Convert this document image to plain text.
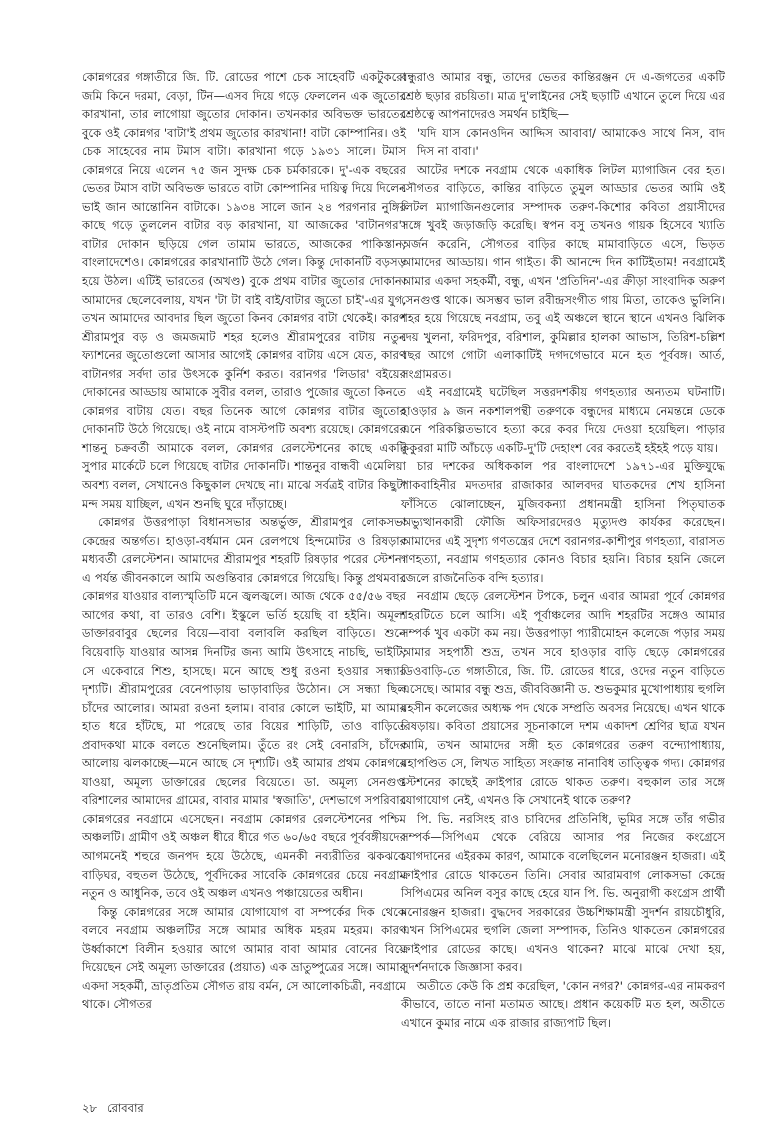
কোন্নগরের গঙ্গাতীরে জি. টি. রোডের পাশে চেক সাহেবটি একটুকরো জমি কিনে দরমা, বেড়া, টিন—এসব দিয়ে গড়ে ফেললেন এক জুতোর কারখানা, তার লাগোয়া জুতোর দোকান। তখনকার অবিভক্ত ভারতের বুকে ওই কোন্নগর 'বাটা'ই প্রথম জুতোর কারখানা! বাটা কোম্পানির। ওই চেক সাহেবের নাম টমাস বাটা। কারখানা গড়ে ১৯৩১ সালে। টমাস কোন্নগরে নিয়ে এলেন ৭৫ জন সুদক্ষ চেক চর্মকারকে। দু'-এক বছরের ভেতর টমাস বাটা অবিভক্ত ভারতে বাটা কোম্পানির দায়িত্ব দিয়ে দিলেন ভাই জান আন্তোনিন বাটাকে। ১৯৩৪ সালে জান ২৪ পরগনার নুঙ্গির কাছে গড়ে তুললেন বাটার বড় কারখানা, যা আজকের 'বাটানগর'। বাটার দোকান ছড়িয়ে গেল তামাম ভারতে, আজকের পাকিস্তান, বাংলাদেশেও। কোন্নগরের কারখানাটি উঠে গেল। কিন্তু দোকানটি বড়সড় হয়ে উঠল। এটিই ভারতের (অখণ্ড) বুকে প্রথম বাটার জুতোর দোকান। আমাদের ছেলেবেলায়, যখন 'টা টা বাই বাই/বাটার জুতো চাই'-এর যুগ, তখন আমাদের আবদার ছিল জুতো কিনব কোন্নগর বাটা থেকেই। কারণ শ্রীরামপুর বড় ও জমজমাট শহর হলেও শ্রীরামপুরের বাটায় নতুন ফ্যাশনের জুতোগুলো আসার আগেই কোন্নগর বাটায় এসে যেত, কারণ বাটানগর সর্বদা তার উৎসকে কুর্নিশ করত। বরানগর 'লিডার' বইয়ের দোকানের আড্ডায় আমাকে সুবীর বলল, তারাও পুজোর জুতো কিনতে কোন্নগর বাটায় যেত। বছর তিনেক আগে কোন্নগর বাটার জুতোর দোকানটি উঠে গিয়েছে। ওই নামে বাসস্টপটি অবশ্য রয়েছে। কোন্নগরের শান্তনু চক্রবর্তী আমাকে বলল, কোন্নগর রেলস্টেশনের কাছে একটি সুপার মার্কেটে চলে গিয়েছে বাটার দোকানটি। শান্তনুর বান্ধবী এমেলিয়া অবশ্য বলল, সেখানেও কিছুকাল দেখছে না। মাঝে সর্বত্রই বাটার কিছুটা মন্দ সময় যাচ্ছিল, এখন শুনছি ঘুরে দাঁড়াচ্ছে।

কোন্নগর উত্তরপাড়া বিধানসভার অন্তর্ভুক্ত, শ্রীরামপুর লোকসভা কেন্দ্রের অন্তর্গত। হাওড়া-বর্ধমান মেন রেলপথে হিন্দমোটর ও রিষড়ার মধ্যবর্তী রেলস্টেশন। আমাদের শ্রীরামপুর শহরটি রিষড়ার পরের স্টেশন। এ পর্যন্ত জীবনকালে আমি অগুন্তিবার কোন্নগরে গিয়েছি। কিন্তু প্রথমবার কোন্নগর যাওয়ার বাল্যস্মৃতিটি মনে জ্বলজ্বলে। আজ থেকে ৫৫/৫৬ বছর আগের কথা, বা তারও বেশি। ইস্কুলে ভর্তি হয়েছি বা হইনি। অমূল্য ডাক্তারবাবুর ছেলের বিয়ে—বাবা বলাবলি করছিল বাড়িতে। শুনে বিয়েবাড়ি যাওয়ার আসন্ন দিনটির জন্য আমি উৎসাহে নাচছি, ভাইটি, সে একেবারে শিশু, হাসছে। মনে আছে শুধু রওনা হওয়ার সন্ধ্যার দৃশ্যটি। শ্রীরামপুরের বেনেপাড়ায় ভাড়াবাড়ির উঠোন। সে সন্ধ্যা ছিল চাঁদের আলোর। আমরা রওনা হলাম। বাবার কোলে ভাইটি, মা আমার হাত ধরে হাঁটছে, মা পরেছে তার বিয়ের শাড়িটি, তাও বাড়িতে প্রবাদকথা মাকে বলতে শুনেছিলাম। তুঁতে রং সেই বেনারসি, চাঁদের আলোয় ঝলকাচ্ছে—মনে আছে সে দৃশ্যটি। ওই আমার প্রথম কোন্নগরে যাওয়া, অমূল্য ডাক্তারের ছেলের বিয়েতে। ডা. অমূল্য সেনগুপ্ত বরিশালের আমাদের গ্রামের, বাবার মামার 'স্বজাতি', দেশভাগে সপরিবার কোন্নগরের নবগ্রামে এসেছেন। নবগ্রাম কোন্নগর রেলস্টেশনের পশ্চিম অঞ্চলটি। গ্রামীণ ওই অঞ্চল ধীরে ধীরে গত ৬০/৬৫ বছরে পূর্ববঙ্গীয়দের আগমনেই শহুরে জনপদ হয়ে উঠেছে, এমনকী নব্যরীতির ঝকঝকে বাড়িঘর, বহুতল উঠেছে, পূর্বদিকের সাবেকি কোন্নগরের চেয়ে নবগ্রাম নতুন ও আধুনিক, তবে ওই অঞ্চল এখনও পঞ্চায়েতের অধীন।

কিন্তু কোন্নগরের সঙ্গে আমার যোগাযোগ বা সম্পর্কের দিক থেকে বলবে নবগ্রাম অঞ্চলটির সঙ্গে আমার অধিক মহরম মহরম। কারণ উর্ধ্বাকাশে বিলীন হওয়ার আগে আমার বাবা আমার বোনের বিয়ে দিয়েছেন সেই অমূল্য ডাক্তারের (প্রয়াত) এক ভ্রাতুষ্পুত্রের সঙ্গে। আমার একদা সহকর্মী, ভ্রাতৃপ্রতিম সৌগত রায় বর্মন, সে আলোকচিত্রী, নবগ্রামে থাকে। সৌগতর

বন্ধুরাও আমার বন্ধু, তাদের ভেতর কান্তিরঞ্জন দে এ-জগতের একটি শ্রেষ্ঠ ছড়ার রচয়িতা। মাত্র দু'লাইনের সেই ছড়াটি এখানে তুলে দিয়ে এর শ্রেষ্ঠত্বে আপনাদেরও সমর্থন চাইছি—

'যদি যাস কোনওদিন আদ্দিস আবাবা/ আমাকেও সাথে নিস, বাদ দিস না বাবা।'

আটের দশকে নবগ্রাম থেকে একাধিক লিটল ম্যাগাজিন বের হত। সৌগতর বাড়িতে, কান্তির বাড়িতে তুমুল আড্ডার ভেতর আমি ওই লিটল ম্যাগাজিনগুলোর সম্পাদক তরুণ-কিশোর কবিতা প্রয়াসীদের সঙ্গে খুবই জড়াজড়ি করেছি। স্বপন বসু তখনও গায়ক হিসেবে খ্যাতি অর্জন করেনি, সৌগতর বাড়ির কাছে মামাবাড়িতে এসে, ভিড়ত আমাদের আড্ডায়। গান গাইত। কী আনন্দে দিন কাটিইতাম! নবগ্রামেই আমার একদা সহকর্মী, বন্ধু, এখন 'প্রতিদিন'-এর ক্রীড়া সাংবাদিক অরুণ সেনগুপ্ত থাকে। অসম্ভব ভাল রবীন্দ্রসংগীত গায় মিতা, তাকেও ভুলিনি। শহর হয়ে গিয়েছে নবগ্রাম, তবু এই অঞ্চলে স্থানে স্থানে এখনও ঝিলিক দেয় খুলনা, ফরিদপুর, বরিশাল, কুমিল্লার হালকা আভাস, তিরিশ-চল্লিশ বছর আগে গোটা এলাকাটিই দগদগেভাবে মনে হত পূর্ববঙ্গ। আর্ত, সংগ্রামরত।

এই নবগ্রামেই ঘটেছিল সত্তরদশকীয় গণহত্যার অন্যতম ঘটনাটি। হাওড়ার ৯ জন নকশালপন্থী তরুণকে বন্ধুদের মাধ্যমে নেমন্তন্নে ডেকে এনে পরিকল্পিতভাবে হত্যা করে কবর দিয়ে দেওয়া হয়েছিল। পাড়ার কুকুররা মাটি আঁচড়ে একটি-দু'টি দেহাংশ বের করতেই হইহই পড়ে যায়।

চার দশকের অধিককাল পর বাংলাদেশে ১৯৭১-এর মুক্তিযুদ্ধে পাকবাহিনীর মদতদার রাজাকার আলবদর ঘাতকদের শেখ হাসিনা ফাঁসিতে ঝোলাচ্ছেন, মুজিবকন্যা প্রধানমন্ত্রী হাসিনা পিতৃঘাতক অভ্যুত্থানকারী ফৌজি অফিসারদেরও মৃত্যুদণ্ড কার্যকর করেছেন। আমাদের এই সুদৃশ্য গণতন্ত্রের দেশে বরানগর-কাশীপুর গণহত্যা, বারাসত গণহত্যা, নবগ্রাম গণহত্যার কোনও বিচার হয়নি। বিচার হয়নি জেলে জেলে রাজনৈতিক বন্দি হত্যার।

নবগ্রাম ছেড়ে রেলস্টেশন টপকে, চলুন এবার আমরা পূর্বে কোন্নগর শহরটিতে চলে আসি। এই পূর্বাঞ্চলের আদি শহরটির সঙ্গেও আমার সম্পর্ক খুব একটা কম নয়। উত্তরপাড়া প্যারীমোহন কলেজে পড়ার সময় আমার সহপাঠী শুভ্র, তখন সবে হাওড়ার বাড়ি ছেড়ে কোন্নগরের ডিওবাড়ি-তে গঙ্গাতীরে, জি. টি. রোডের ধারে, ওদের নতুন বাড়িতে এসেছে। আমার বন্ধু শুভ্র, জীববিজ্ঞানী ড. শুভকুমার মুখোপাধ্যায় হুগলি মহসীন কলেজের অধ্যক্ষ পদ থেকে সম্প্রতি অবসর নিয়েছে। এখন থাকে রিষড়ায়। কবিতা প্রয়াসের সূচনাকালে দশম একাদশ শ্রেণির ছাত্র যখন আমি, তখন আমাদের সঙ্গী হত কোন্নগরের তরুণ বন্দ্যোপাধ্যায়, মহাপণ্ডিত সে, লিখত সাহিত্য সংক্রান্ত নানাবিধ তাত্ত্বিক গদ্য। কোন্নগর স্টেশনের কাছেই ক্রাইপার রোডে থাকত তরুণ। বহুকাল তার সঙ্গে যোগাযোগ নেই, এখনও কি সেখানেই থাকে তরুণ?

পি. ভি. নরসিংহ রাও চাবিদের প্রতিনিধি, ভূমির সঙ্গে তাঁর গভীর সম্পর্ক—সিপিএম থেকে বেরিয়ে আসার পর নিজের কংগ্রেসে যোগদানের এইরকম কারণ, আমাকে বলেছিলেন মনোরঞ্জন হাজরা। এই ক্রাইপার রোডে থাকতেন তিনি। সেবার আরামবাগ লোকসভা কেন্দ্রে সিপিএমের অনিল বসুর কাছে হেরে যান পি. ভি. অনুরাগী কংগ্রেস প্রার্থী মনোরঞ্জন হাজরা। বুদ্ধদেব সরকারের উচ্চশিক্ষামন্ত্রী সুদর্শন রায়চৌধুরি, এখন সিপিএমের হুগলি জেলা সম্পাদক, তিনিও থাকতেন কোন্নগরের ক্রাইপার রোডের কাছে। এখনও থাকেন? মাঝে মাঝে দেখা হয়, সুদর্শনদাকে জিজ্ঞাসা করব।

অতীতে কেউ কি প্রশ্ন করেছিল, 'কোন নগর?' কোন্নগর-এর নামকরণ কীভাবে, তাতে নানা মতামত আছে। প্রধান কয়েকটি মত হল, অতীতে এখানে কুমার নামে এক রাজার রাজ্যপাট ছিল।

২৮ রোববার
